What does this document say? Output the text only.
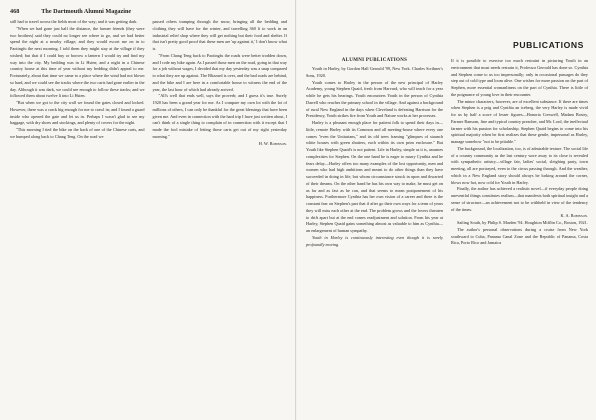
468	The Dartmouth Alumni Magazine

still had to travel across the fields most of the way; and it was getting dark.

"When we had gone just half the distance, the farmer friends (they were two brothers) said they could no longer see where to go, and we had better spend the night at a nearby village; and they would escort me on in to Paotingfu the next morning. I told them they might stay at the village if they wished; but that if I could buy or borrow a lantern I would try and find my way into the city. My bedding was in Li Hsien; and a night in a Chinese country house at this time of year without my bedding didn't appeal to me. Fortunately, about that time we came to a place where the wind had not blown so hard, and we could see the tracks where the two carts had gone earlier in the day. Although it was dark, we could see enough to follow these tracks; and we followed them about twelve li into Li Hsien.

"But when we got to the city wall we found the gates closed and locked. However, there was a crack big enough for me to crawl in; and I found a guard inside who opened the gate and let us in. Perhaps I wasn't glad to see my baggage, with dry shoes and stockings, and plenty of covers for the night.

"This morning I tied the bike on the back of one of the Chinese carts, and we bumped along back to Chang Teng. On the road we

passed others tramping through the snow, bringing all the bedding and clothing they will have for the winter, and travelling 360 li to work in an industrial relief shop where they will get nothing but their food and shelter. If that isn't pretty good proof that these men are 'up against it,' I don't know what is.

"From Chang Teng back to Paotingfu the roads were better trodden down, and I rode my bike again. As I passed those men on the road, going in that way for a job without wages, I decided that my day yesterday was a snap compared to what they are up against. The Blizzard is over, and the bad roads are behind, and the bike and I are here in a comfortable house to witness the end of the year, the last hour of which had already arrived.

"All's well that ends well, says the proverb; and I guess it's true. Surely 1920 has been a grand year for me. As I compare my own lot with the lot of millions of others, I can only be thankful for the great blessings that have been given me. And even in connection with the hard trip I have just written about, I can't think of a single thing to complain of in connection with it except that I made the fool mistake of letting those carts get out of my sight yesterday morning."

H. W. Robinson.
PUBLICATIONS
ALUMNI PUBLICATIONS

Youth in Harley, by Gordon Hall Gerould '99, New York. Charles Scribner's Sons, 1920.

Youth comes to Harley in the person of the new principal of Harley Academy, young Stephen Quaid, fresh from Harvard, who will teach for a year while he gets his bearings. Youth encounters Youth in the person of Cynthia Darrell who reaches the primary school in the village. And against a background of rural New England in the days when Cleveland is defeating Harrison for the Presidency, Youth strikes fire from Youth and Nature works at her processes.

Harley is a pleasant enough place for patient folk to spend their days in—little, remote Harley with its Common and all meeting-house where every one comes "even the Unitarians," and its old trees framing "glimpses of staunch white houses with green shutters, each within its own prim enclosure." But Youth like Stephen Quaid's is not patient. Life in Harley, simple as it is, assumes complexities for Stephen. On the one hand he is eager to marry Cynthia and he fears delay—Harley offers too many examples of the lost opportunity, men and women who had high ambitions and meant to do other things than they have succeeded in doing in life, but whom circumstance struck in upon and thwarted of their dreams. On the other hand he has his own way to make, he must get on as far and as fast as he can, and that seems to mean postponement of his happiness. Furthermore Cynthia has her own vision of a career and there is the constant fear on Stephen's part that if after go their own ways for a term of years they will miss each other at the end. The problem grows and the lovers threaten to drift apart but at the end comes readjustment and solution. From his year at Harley, Stephen Quaid gains something almost as valuable to him as Cynthia—an enlargement of human sympathy.

Youth in Harley is continuously interesting even though it is rarely profoundly moving.

If it is possible to exercise too much restraint in picturing Youth in an environment that must needs restrain it, Professor Gerould has done so. Cynthia and Stephen come to us too impersonally; only in occasional passages do they step out of cold type and loom alive. One wishes for more passion on the part of Stephen, more essential womanliness on the part of Cynthia. There is little of the poignance of young love in their encounter.

The minor characters, however, are of excellent substance. If there are times when Stephen is a prig and Cynthia an iceberg, the very Harley is made vivid for us by half a score of lesser figures—Honoria Creswell, Madam Bostry, Farmer Ransom, fine and typical country preacher, and Mr. Lord, the ineffectual farmer with his passion for scholarship. Stephen Quaid begins to come into his spiritual majority when he first realizes that these gentle, impersonal as Harley, manage somehow "not to be pitiable."

The background, the localization, too, is of admirable texture. The social life of a country community as the last century wore away to its close is revealed with sympathetic artistry—village fair, ladies' social, sleighing party, town meeting, all are portrayed, even to the circus passing through. And the weather, which in a New England story should always be lurking around the corner, blows now hot, now cold for Youth in Harley.

Finally, the author has achieved a realistic novel—if everyday people doing uneventful things constitutes realism—that manifests both spiritual insight and a sense of structure—an achievement not to be withheld in view of the tendency of the times.

K. A. Robinson.

Sailing South, by Philip S. Marden '94. Houghton Mifflin Co., Boston, 1921.

The author's personal observations during a cruise from New York southward to Cuba, Panama Canal Zone and the Republic of Panama, Costa Rica, Porto Rico and Jamaica
